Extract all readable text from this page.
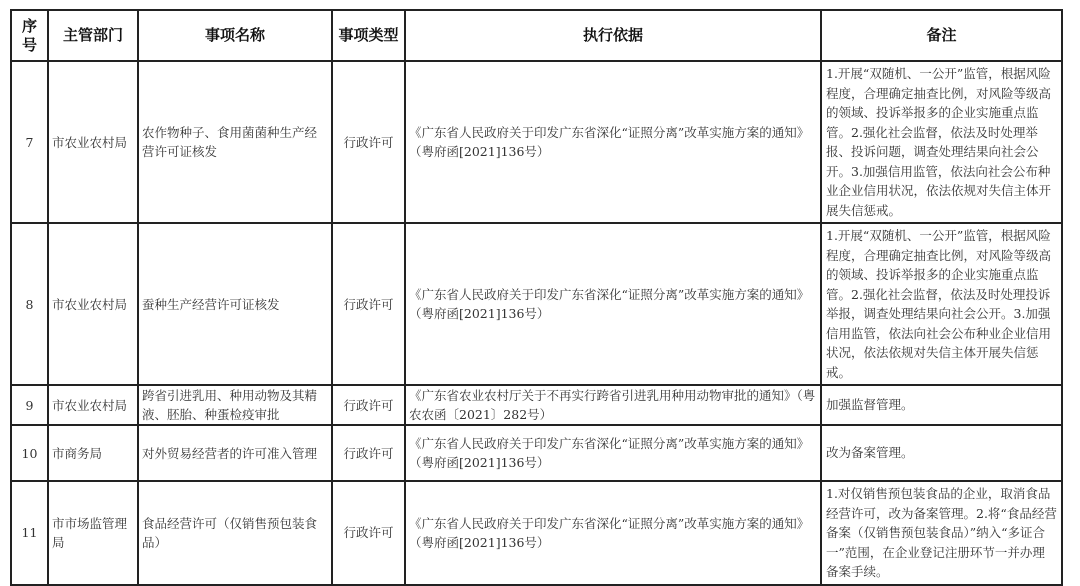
序号	主管部门	事项名称	事项类型	执行依据	备注
7	市农业农村局	农作物种子、食用菌菌种生产经营许可证核发	行政许可	《广东省人民政府关于印发广东省深化“证照分离”改革实施方案的通知》（粤府函[2021]136号）	1.开展“双随机、一公开”监管，根据风险程度，合理确定抽查比例，对风险等级高的领域、投诉举报多的企业实施重点监管。2.强化社会监督，依法及时处理举报、投诉问题，调查处理结果向社会公开。3.加强信用监管，依法向社会公布种业企业信用状况，依法依规对失信主体开展失信惩戒。
8	市农业农村局	蚕种生产经营许可证核发	行政许可	《广东省人民政府关于印发广东省深化“证照分离”改革实施方案的通知》（粤府函[2021]136号）	1.开展“双随机、一公开”监管，根据风险程度，合理确定抽查比例，对风险等级高的领域、投诉举报多的企业实施重点监管。2.强化社会监督，依法及时处理投诉举报，调查处理结果向社会公开。3.加强信用监管，依法向社会公布种业企业信用状况，依法依规对失信主体开展失信惩戒。
9	市农业农村局	跨省引进乳用、种用动物及其精液、胚胎、种蛋检疫审批	行政许可	《广东省农业农村厅关于不再实行跨省引进乳用种用动物审批的通知》（粤农农函〔2021〕282号）	加强监督管理。
10	市商务局	对外贸易经营者的许可准入管理	行政许可	《广东省人民政府关于印发广东省深化“证照分离”改革实施方案的通知》（粤府函[2021]136号）	改为备案管理。
11	市市场监管理局	食品经营许可（仅销售预包装食品）	行政许可	《广东省人民政府关于印发广东省深化“证照分离”改革实施方案的通知》（粤府函[2021]136号）	1.对仅销售预包装食品的企业，取消食品经营许可，改为备案管理。2.将“食品经营备案（仅销售预包装食品）”纳入“多证合一”范围，在企业登记注册环节一并办理备案手续。
